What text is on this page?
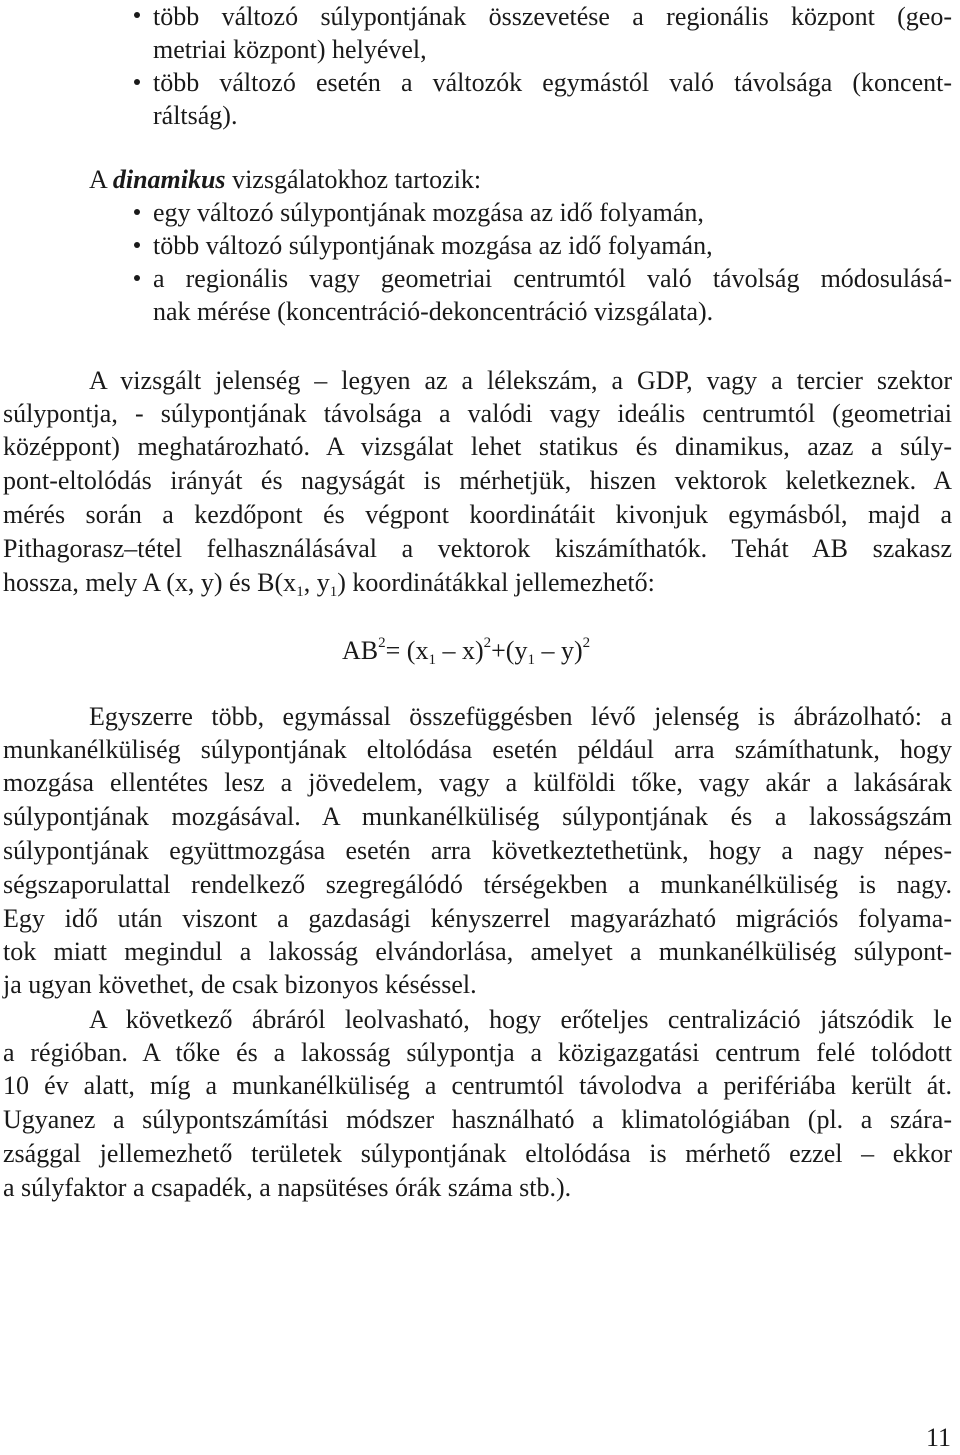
több változó súlypontjának összevetése a regionális központ (geo-
metriai központ) helyével,
több változó esetén a változók egymástól való távolsága (koncent-
ráltság).
A dinamikus vizsgálatokhoz tartozik:
egy változó súlypontjának mozgása az idő folyamán,
több változó súlypontjának mozgása az idő folyamán,
a regionális vagy geometriai centrumtól való távolság módosulásá-
nak mérése (koncentráció-dekoncentráció vizsgálata).
A vizsgált jelenség – legyen az a lélekszám, a GDP, vagy a tercier szektor
súlypontja, - súlypontjának távolsága a valódi vagy ideális centrumtól (geometriai
középpont) meghatározható. A vizsgálat lehet statikus és dinamikus, azaz a súly-
pont-eltolódás irányát és nagyságát is mérhetjük, hiszen vektorok keletkeznek. A
mérés során a kezdőpont és végpont koordinátáit kivonjuk egymásból, majd a
Pithagorasz–tétel felhasználásával a vektorok kiszámíthatók. Tehát AB szakasz
hossza, mely A (x, y) és $B(x_1$, $y_1$) koordinátákkal jellemezhető:
$AB^2= (x_1 - x)^2+(y_1 - y)^2$
Egyszerre több, egymással összefüggésben lévő jelenség is ábrázolható: a
munkanélküliség súlypontjának eltolódása esetén például arra számíthatunk, hogy
mozgása ellentétes lesz a jövedelem, vagy a külföldi tőke, vagy akár a lakásárak
súlypontjának mozgásával. A munkanélküliség súlypontjának és a lakosságszám
súlypontjának együttmozgása esetén arra következtethetünk, hogy a nagy népes-
ségszaporulattal rendelkező szegregálódó térségekben a munkanélküliség is nagy.
Egy idő után viszont a gazdasági kényszerrel magyarázható migrációs folyama-
tok miatt megindul a lakosság elvándorlása, amelyet a munkanélküliség súlypont-
ja ugyan követhet, de csak bizonyos késéssel.
A következő ábráról leolvasható, hogy erőteljes centralizáció játszódik le
a régióban. A tőke és a lakosság súlypontja a közigazgatási centrum felé tolódott
10 év alatt, míg a munkanélküliség a centrumtól távolodva a perifériába került át.
Ugyanez a súlypontszámítási módszer használható a klimatológiában (pl. a szára-
zsággal jellemezhető területek súlypontjának eltolódása is mérhető ezzel – ekkor
a súlyfaktor a csapadék, a napsütéses órák száma stb.).
11
